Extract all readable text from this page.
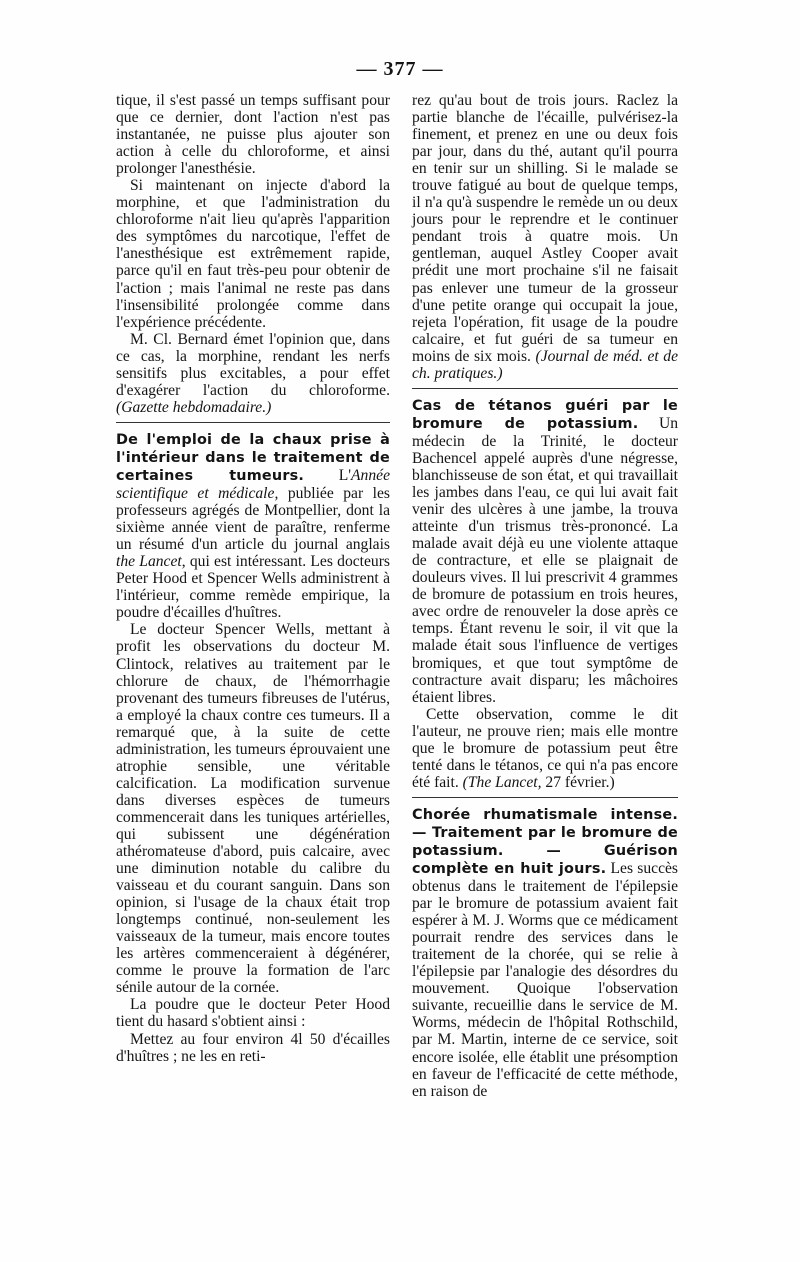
— 377 —

tique, il s'est passé un temps suffisant pour que ce dernier, dont l'action n'est pas instantanée, ne puisse plus ajouter son action à celle du chloroforme, et ainsi prolonger l'anesthésie.

Si maintenant on injecte d'abord la morphine, et que l'administration du chloroforme n'ait lieu qu'après l'apparition des symptômes du narcotique, l'effet de l'anesthésique est extrêmement rapide, parce qu'il en faut très-peu pour obtenir de l'action ; mais l'animal ne reste pas dans l'insensibilité prolongée comme dans l'expérience précédente.

M. Cl. Bernard émet l'opinion que, dans ce cas, la morphine, rendant les nerfs sensitifs plus excitables, a pour effet d'exagérer l'action du chloroforme. (Gazette hebdomadaire.)

De l'emploi de la chaux prise à l'intérieur dans le traitement de certaines tumeurs. L'Année scientifique et médicale, publiée par les professeurs agrégés de Montpellier, dont la sixième année vient de paraître, renferme un résumé d'un article du journal anglais the Lancet, qui est intéressant. Les docteurs Peter Hood et Spencer Wells administrent à l'intérieur, comme remède empirique, la poudre d'écailles d'huîtres.

Le docteur Spencer Wells, mettant à profit les observations du docteur M. Clintock, relatives au traitement par le chlorure de chaux, de l'hémorrhagie provenant des tumeurs fibreuses de l'utérus, a employé la chaux contre ces tumeurs. Il a remarqué que, à la suite de cette administration, les tumeurs éprouvaient une atrophie sensible, une véritable calcification. La modification survenue dans diverses espèces de tumeurs commencerait dans les tuniques artérielles, qui subissent une dégénération athéromateuse d'abord, puis calcaire, avec une diminution notable du calibre du vaisseau et du courant sanguin. Dans son opinion, si l'usage de la chaux était trop longtemps continué, non-seulement les vaisseaux de la tumeur, mais encore toutes les artères commenceraient à dégénérer, comme le prouve la formation de l'arc sénile autour de la cornée.

La poudre que le docteur Peter Hood tient du hasard s'obtient ainsi :

Mettez au four environ 4l 50 d'écailles d'huîtres ; ne les en reti-

rez qu'au bout de trois jours. Raclez la partie blanche de l'écaille, pulvérisez-la finement, et prenez en une ou deux fois par jour, dans du thé, autant qu'il pourra en tenir sur un shilling. Si le malade se trouve fatigué au bout de quelque temps, il n'a qu'à suspendre le remède un ou deux jours pour le reprendre et le continuer pendant trois à quatre mois. Un gentleman, auquel Astley Cooper avait prédit une mort prochaine s'il ne faisait pas enlever une tumeur de la grosseur d'une petite orange qui occupait la joue, rejeta l'opération, fit usage de la poudre calcaire, et fut guéri de sa tumeur en moins de six mois. (Journal de méd. et de ch. pratiques.)

Cas de tétanos guéri par le bromure de potassium. Un médecin de la Trinité, le docteur Bachencel appelé auprès d'une négresse, blanchisseuse de son état, et qui travaillait les jambes dans l'eau, ce qui lui avait fait venir des ulcères à une jambe, la trouva atteinte d'un trismus très-prononcé. La malade avait déjà eu une violente attaque de contracture, et elle se plaignait de douleurs vives. Il lui prescrivit 4 grammes de bromure de potassium en trois heures, avec ordre de renouveler la dose après ce temps. Étant revenu le soir, il vit que la malade était sous l'influence de vertiges bromiques, et que tout symptôme de contracture avait disparu; les mâchoires étaient libres.

Cette observation, comme le dit l'auteur, ne prouve rien; mais elle montre que le bromure de potassium peut être tenté dans le tétanos, ce qui n'a pas encore été fait. (The Lancet, 27 février.)

Chorée rhumatismale intense. — Traitement par le bromure de potassium. — Guérison complète en huit jours. Les succès obtenus dans le traitement de l'épilepsie par le bromure de potassium avaient fait espérer à M. J. Worms que ce médicament pourrait rendre des services dans le traitement de la chorée, qui se relie à l'épilepsie par l'analogie des désordres du mouvement. Quoique l'observation suivante, recueillie dans le service de M. Worms, médecin de l'hôpital Rothschild, par M. Martin, interne de ce service, soit encore isolée, elle établit une présomption en faveur de l'efficacité de cette méthode, en raison de
